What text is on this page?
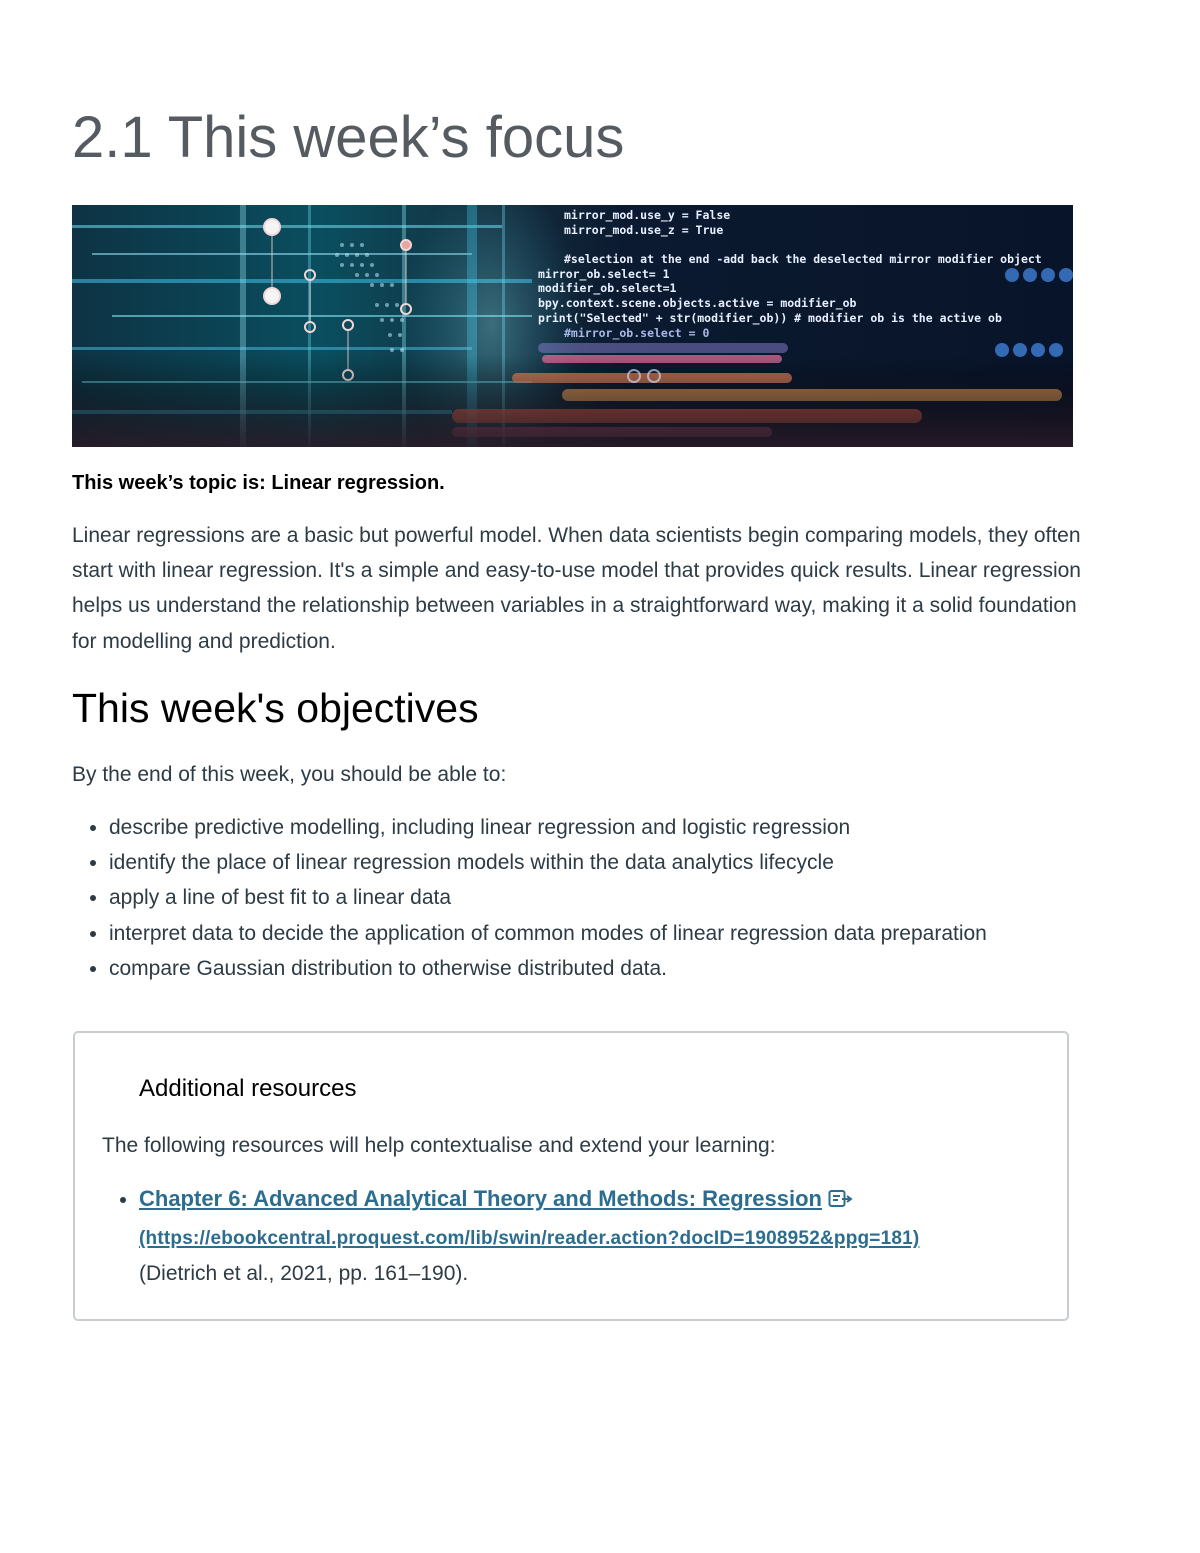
2.1 This week’s focus
mirror_mod.use_y = False
mirror_mod.use_z = True
#selection at the end -add back the deselected mirror modifier object
mirror_ob.select= 1
modifier_ob.select=1
bpy.context.scene.objects.active = modifier_ob
print("Selected" + str(modifier_ob)) # modifier ob is the active ob
#mirror_ob.select = 0

This week’s topic is: Linear regression.

Linear regressions are a basic but powerful model. When data scientists begin comparing models, they often start with linear regression. It's a simple and easy-to-use model that provides quick results. Linear regression helps us understand the relationship between variables in a straightforward way, making it a solid foundation for modelling and prediction.

This week's objectives

By the end of this week, you should be able to:

• describe predictive modelling, including linear regression and logistic regression
• identify the place of linear regression models within the data analytics lifecycle
• apply a line of best fit to a linear data
• interpret data to decide the application of common modes of linear regression data preparation
• compare Gaussian distribution to otherwise distributed data.
Additional resources

The following resources will help contextualise and extend your learning:

• Chapter 6: Advanced Analytical Theory and Methods: Regression
(https://ebookcentral.proquest.com/lib/swin/reader.action?docID=1908952&ppg=181)
(Dietrich et al., 2021, pp. 161–190).
